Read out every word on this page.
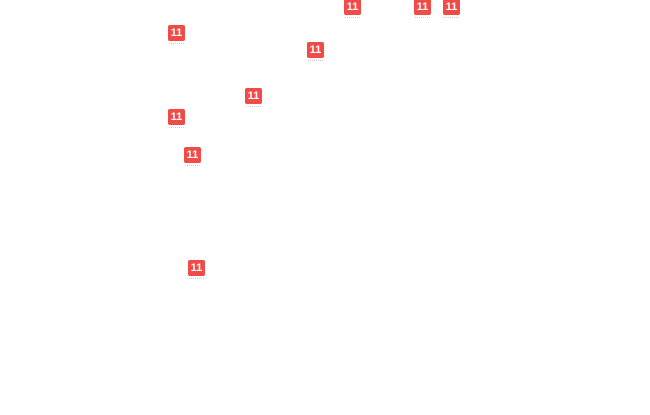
11	11 11
11
11
11
11
11
11
